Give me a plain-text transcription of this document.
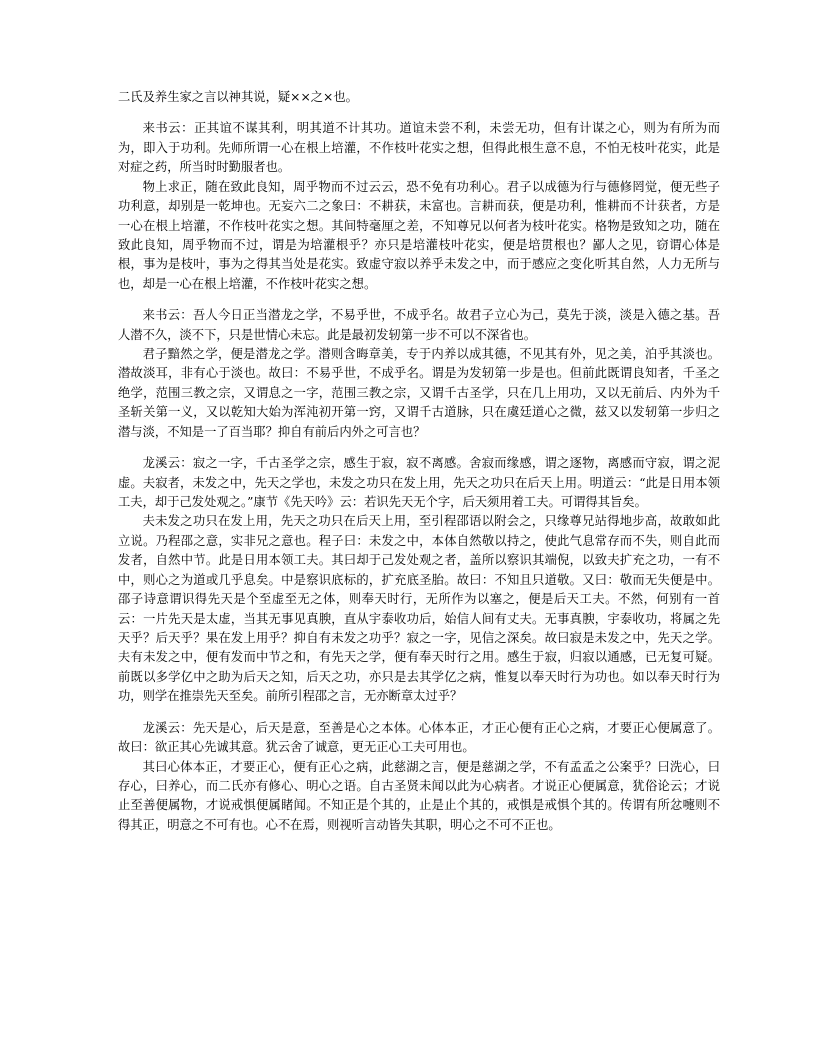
二氏及养生家之言以神其说，疑××之×也。

来书云：正其谊不谋其利，明其道不计其功。道谊未尝不利，未尝无功，但有计谋之心，则为有所为而为，即入于功利。先师所谓一心在根上培灌，不作枝叶花实之想，但得此根生意不息，不怕无枝叶花实，此是对症之药，所当时时勤服者也。

物上求正，随在致此良知，周乎物而不过云云，恐不免有功利心。君子以成德为行与德修罔觉，便无些子功利意，却别是一乾坤也。无妄六二之象曰：不耕获，未富也。言耕而获，便是功利，惟耕而不计获者，方是一心在根上培灌，不作枝叶花实之想。其间特毫厘之差，不知尊兄以何者为枝叶花实。格物是致知之功，随在致此良知，周乎物而不过，谓是为培灌根乎？亦只是培灌枝叶花实，便是培贯根也？鄙人之见，窃谓心体是根，事为是枝叶，事为之得其当处是花实。致虚守寂以养乎未发之中，而于感应之变化听其自然，人力无所与也，却是一心在根上培灌，不作枝叶花实之想。

来书云：吾人今日正当潜龙之学，不易乎世，不成乎名。故君子立心为己，莫先于淡，淡是入德之基。吾人潜不久，淡不下，只是世情心未忘。此是最初发轫第一步不可以不深省也。

君子黯然之学，便是潜龙之学。潜则含晦章美，专于内养以成其德，不见其有外，见之美，泊乎其淡也。潜故淡耳，非有心于淡也。故曰：不易乎世，不成乎名。谓是为发轫第一步是也。但前此既谓良知者，千圣之绝学，范围三教之宗，又谓息之一字，范围三教之宗，又谓千古圣学，只在几上用功，又以无前后、内外为千圣斩关第一义，又以乾知大始为浑沌初开第一窍，又谓千古道脉，只在虞廷道心之微，兹又以发轫第一步归之潜与淡，不知是一了百当耶？抑自有前后内外之可言也？

龙溪云：寂之一字，千古圣学之宗，感生于寂，寂不离感。舍寂而缘感，谓之逐物，离感而守寂，谓之泥虚。夫寂者，未发之中，先天之学也，未发之功只在发上用，先天之功只在后天上用。明道云：“此是日用本领工夫，却于己发处观之。”康节《先天吟》云：若识先天无个字，后天须用着工夫。可谓得其旨矣。

夫未发之功只在发上用，先天之功只在后天上用，至引程邵语以附会之，只缘尊兄站得地步高，故敢如此立说。乃程邵之意，实非兄之意也。程子曰：未发之中，本体自然敬以持之，使此气息常存而不失，则自此而发者，自然中节。此是日用本领工夫。其曰却于己发处观之者，盖所以察识其端倪，以致夫扩充之功，一有不中，则心之为道或几乎息矣。中是察识底标的，扩充底圣胎。故曰：不知且只道敬。又曰：敬而无失便是中。邵子诗意谓识得先天是个至虚至无之体，则奉天时行，无所作为以塞之，便是后天工夫。不然，何别有一首云：一片先天是太虚，当其无事见真腴，直从宇泰收功后，始信人间有丈夫。无事真腴，宇泰收功，将属之先天乎？后天乎？果在发上用乎？抑自有未发之功乎？寂之一字，见信之深矣。故曰寂是未发之中，先天之学。夫有未发之中，便有发而中节之和，有先天之学，便有奉天时行之用。感生于寂，归寂以通感，已无复可疑。前既以多学亿中之助为后天之知，后天之功，亦只是去其学亿之病，惟复以奉天时行为功也。如以奉天时行为功，则学在推崇先天至矣。前所引程邵之言，无亦断章太过乎？

龙溪云：先天是心，后天是意，至善是心之本体。心体本正，才正心便有正心之病，才要正心便属意了。故曰：欲正其心先诚其意。犹云舍了诚意，更无正心工夫可用也。

其曰心体本正，才要正心，便有正心之病，此慈湖之言，便是慈湖之学，不有孟孟之公案乎？曰洗心，曰存心，曰养心，而二氏亦有修心、明心之语。自古圣贤未闻以此为心病者。才说正心便属意，犹俗论云；才说止至善便属物，才说戒惧便属睹闻。不知正是个其的，止是止个其的，戒惧是戒惧个其的。传谓有所忿嚏则不得其正，明意之不可有也。心不在焉，则视听言动皆失其职，明心之不可不正也。
